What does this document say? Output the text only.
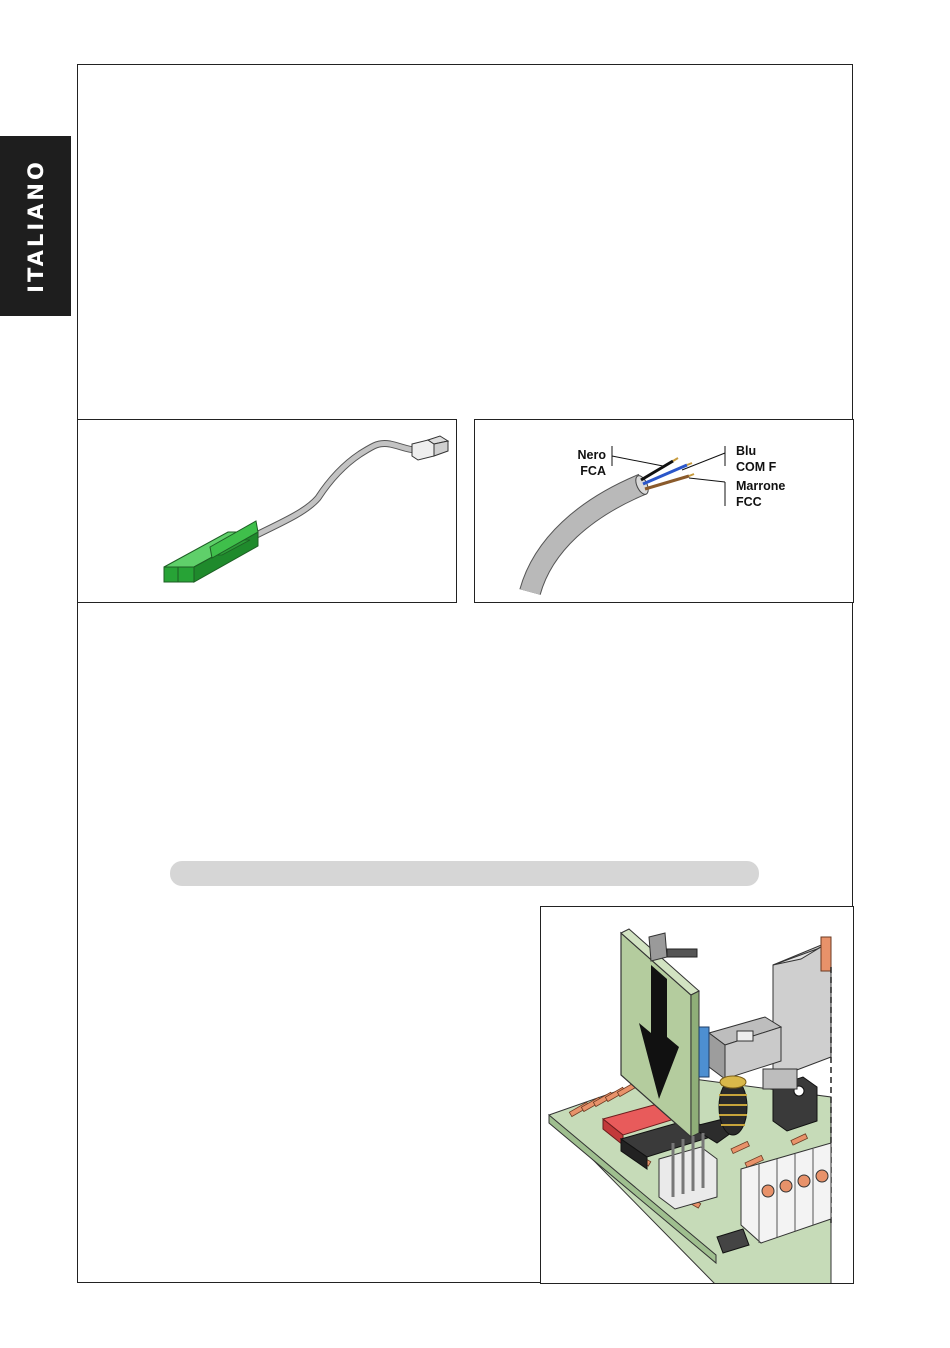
ITALIANO
Nero
FCA
Blu
COM F
Marrone
FCC
